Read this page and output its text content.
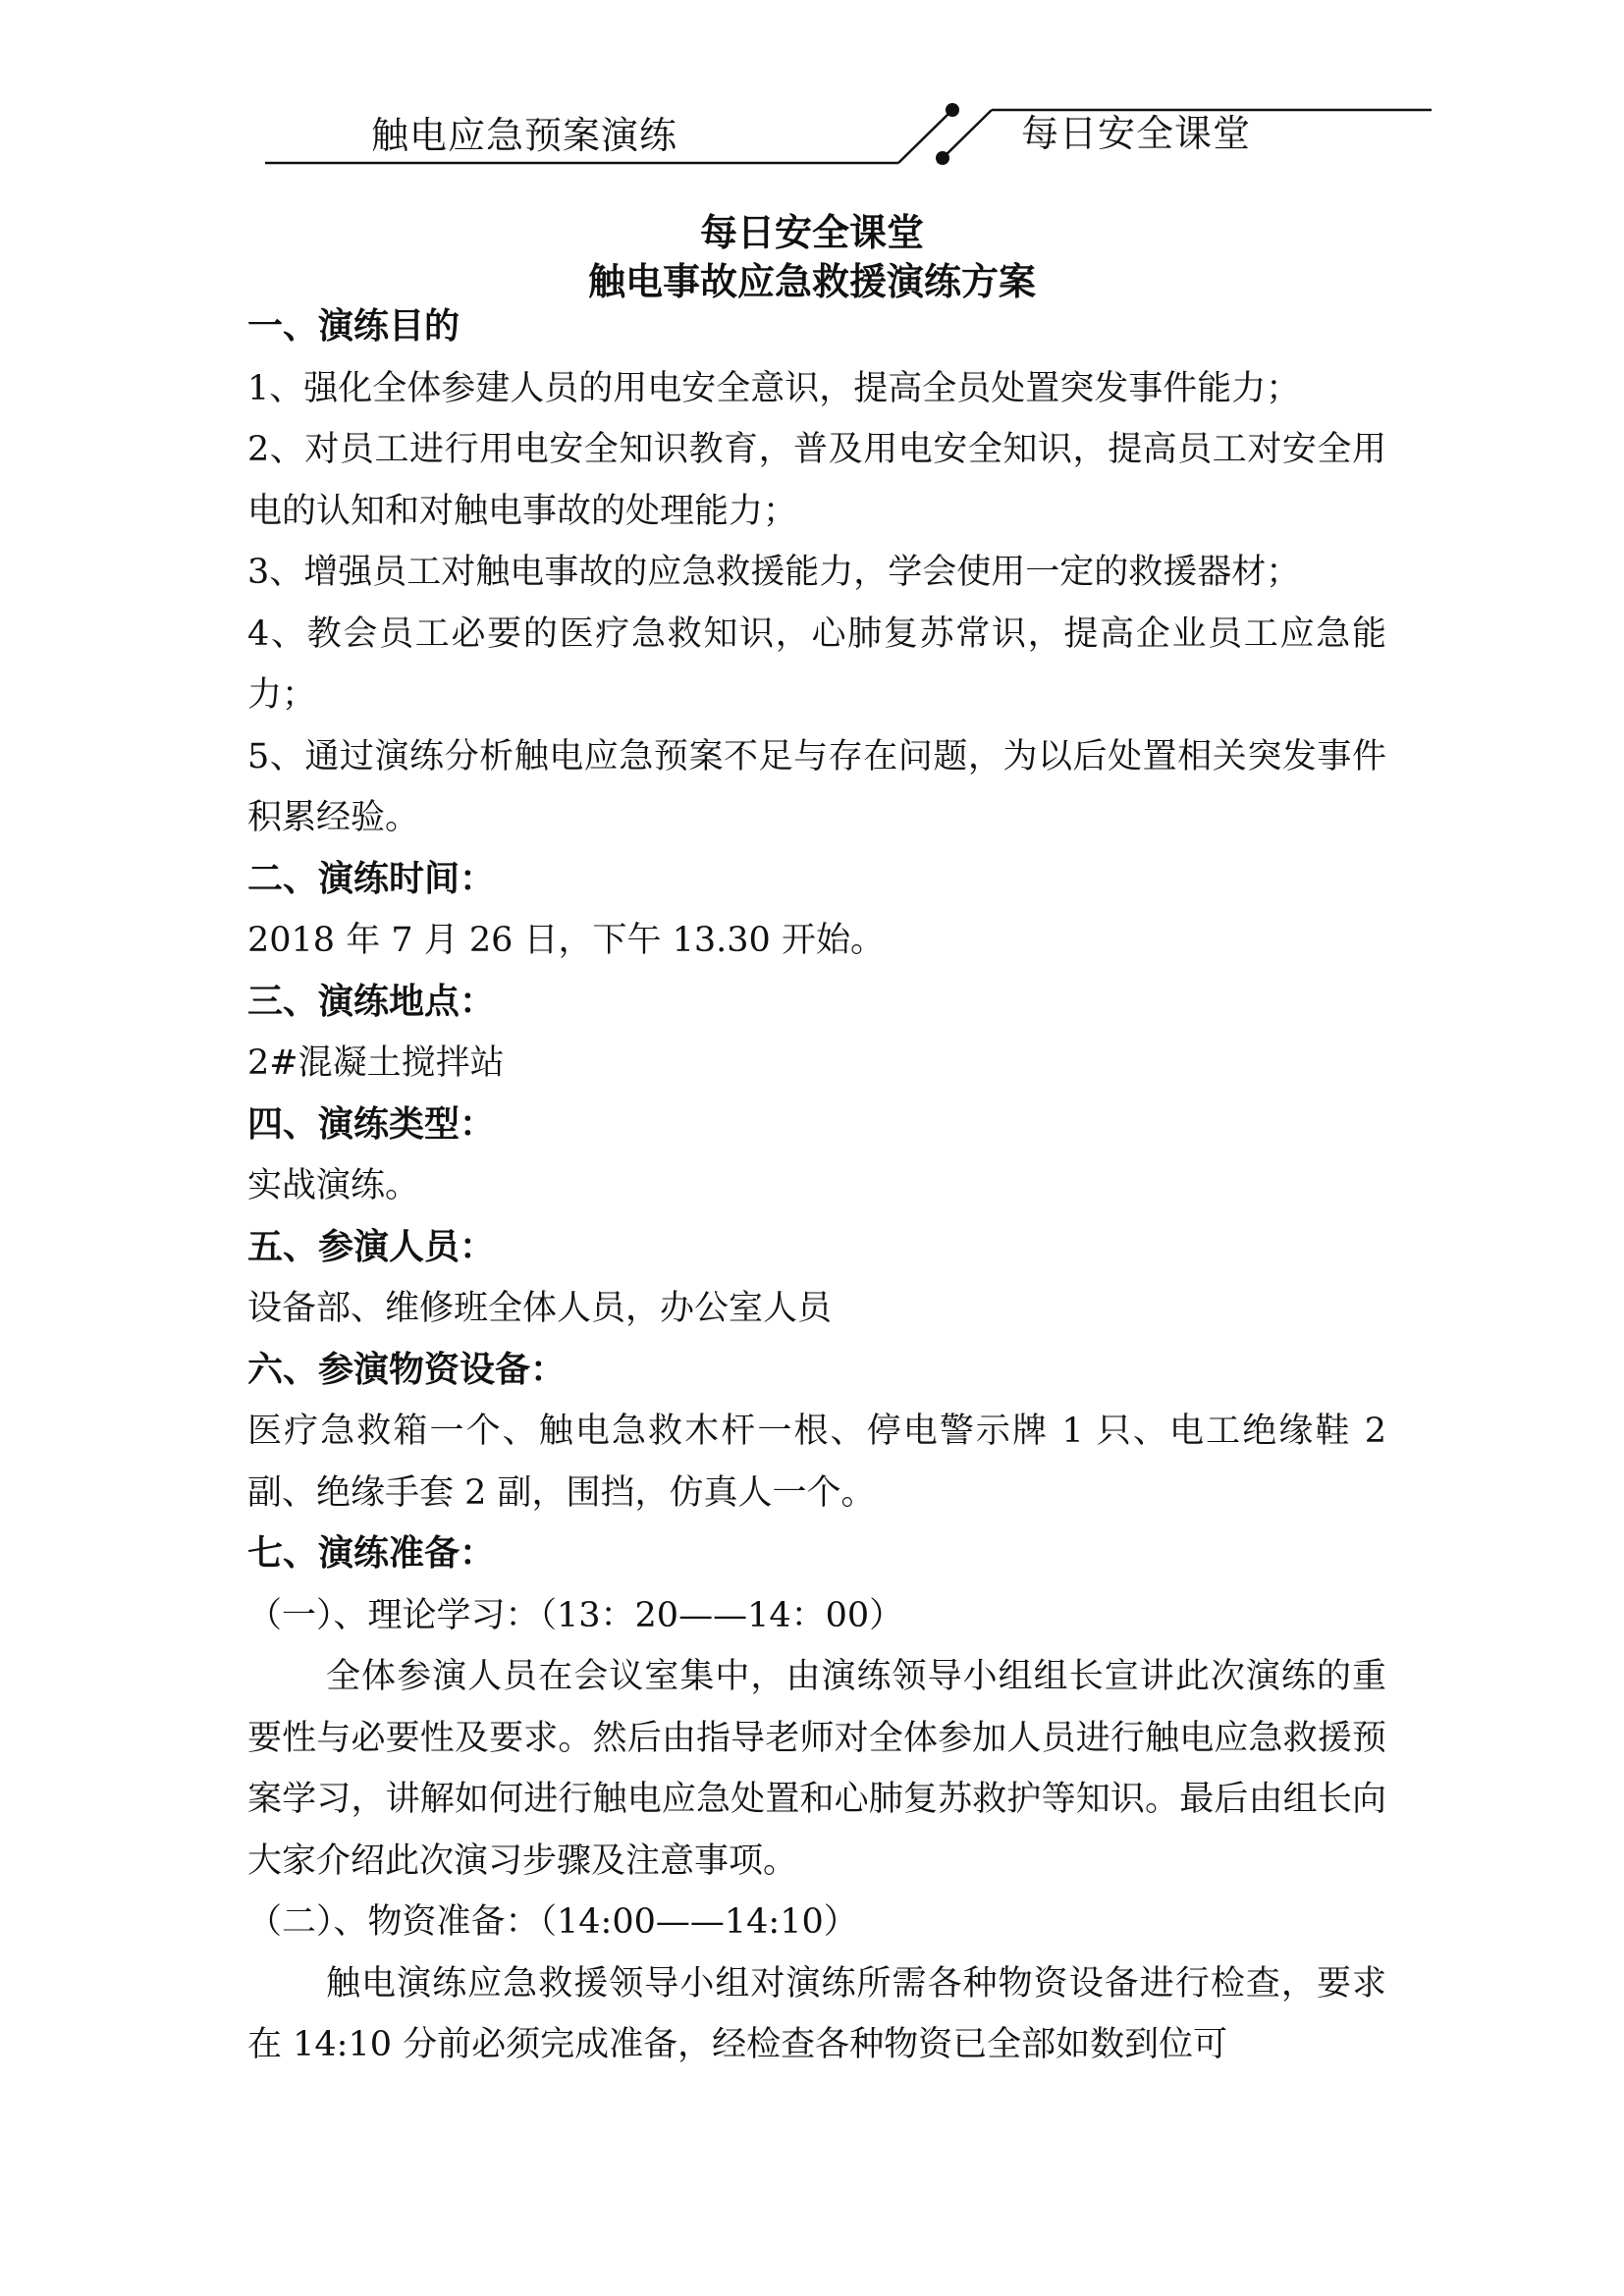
触电应急预案演练	每日安全课堂
每日安全课堂
触电事故应急救援演练方案
一、演练目的

1、强化全体参建人员的用电安全意识，提高全员处置突发事件能力；

2、对员工进行用电安全知识教育，普及用电安全知识，提高员工对安全用电的认知和对触电事故的处理能力；

3、增强员工对触电事故的应急救援能力，学会使用一定的救援器材；

4、教会员工必要的医疗急救知识，心肺复苏常识，提高企业员工应急能力；

5、通过演练分析触电应急预案不足与存在问题，为以后处置相关突发事件积累经验。

二、演练时间：

2018 年 7 月 26 日，下午 13.30 开始。

三、演练地点：

2#混凝土搅拌站

四、演练类型：

实战演练。

五、参演人员：

设备部、维修班全体人员，办公室人员

六、参演物资设备：

医疗急救箱一个、触电急救木杆一根、停电警示牌 1 只、电工绝缘鞋 2 副、绝缘手套 2 副，围挡，仿真人一个。

七、演练准备：

（一）、理论学习：（13：20——14：00）

全体参演人员在会议室集中，由演练领导小组组长宣讲此次演练的重要性与必要性及要求。然后由指导老师对全体参加人员进行触电应急救援预案学习，讲解如何进行触电应急处置和心肺复苏救护等知识。最后由组长向大家介绍此次演习步骤及注意事项。

（二）、物资准备：（14:00——14:10）

触电演练应急救援领导小组对演练所需各种物资设备进行检查，要求在 14:10 分前必须完成准备，经检查各种物资已全部如数到位可
